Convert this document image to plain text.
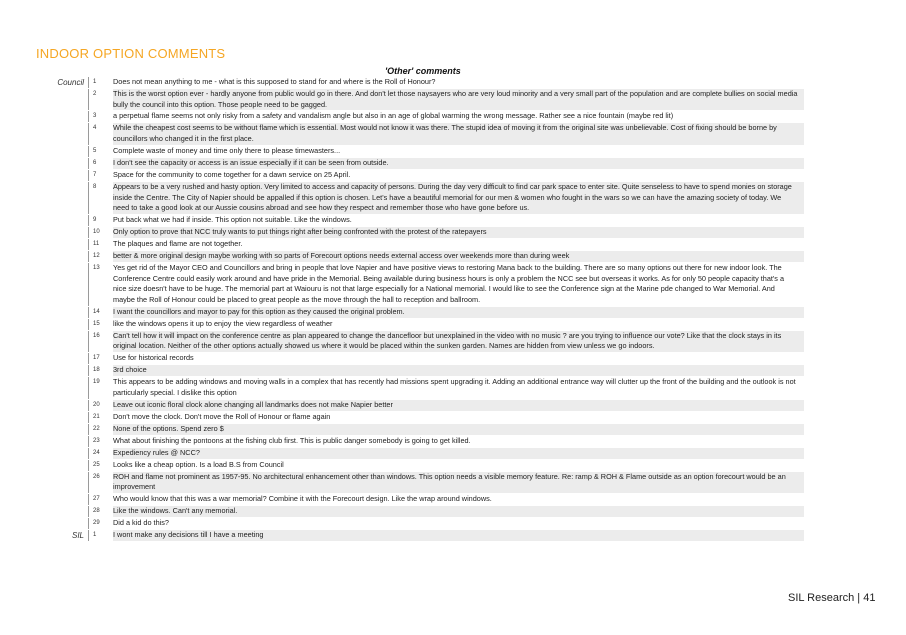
INDOOR OPTION COMMENTS
'Other' comments
Council	1	Does not mean anything to me - what is this supposed to stand for and where is the Roll of Honour?
2	This is the worst option ever - hardly anyone from public would go in there. And don't let those naysayers who are very loud minority and a very small part of the population and are complete bullies on social media bully the council into this option. Those people need to be gagged.
3	a perpetual flame seems not only risky from a safety and vandalism angle but also in an age of global warming the wrong message. Rather see a nice fountain (maybe red lit)
4	While the cheapest cost seems to be without flame which is essential. Most would not know it was there. The stupid idea of moving it from the original site was unbelievable. Cost of fixing should be borne by councillors who changed it in the first place.
5	Complete waste of money and time only there to please timewasters...
6	I don't see the capacity or access is an issue especially if it can be seen from outside.
7	Space for the community to come together for a dawn service on 25 April.
8	Appears to be a very rushed and hasty option. Very limited to access and capacity of persons. During the day very difficult to find car park space to enter site. Quite senseless to have to spend monies on storage inside the Centre. The City of Napier should be appalled if this option is chosen. Let's have a beautiful memorial for our men & women who fought in the wars so we can have the amazing society of today. We need to take a good look at our Aussie cousins abroad and see how they respect and remember those who have gone before us.
9	Put back what we had if inside. This option not suitable. Like the windows.
10	Only option to prove that NCC truly wants to put things right after being confronted with the protest of the ratepayers
11	The plaques and flame are not together.
12	better & more original design maybe working with so parts of Forecourt options needs external access over weekends more than during week
13	Yes get rid of the Mayor CEO and Councillors and bring in people that love Napier and have positive views to restoring Mana back to the building. There are so many options out there for new indoor look. The Conference Centre could easily work around and have pride in the Memorial. Being available during business hours is only a problem the NCC see but overseas it works. As for only 50 people capacity that's a nice size doesn't have to be huge. The memorial part at Waiouru is not that large especially for a National memorial. I would like to see the Conference sign at the Marine pde changed to War Memorial. And maybe the Roll of Honour could be placed to great people as the move through the hall to reception and ballroom.
14	I want the councillors and mayor to pay for this option as they caused the original problem.
15	like the windows opens it up to enjoy the view regardless of weather
16	Can't tell how it will impact on the conference centre as plan appeared to change the dancefloor but unexplained in the video with no music ? are you trying to influence our vote? Like that the clock stays in its original location. Neither of the other options actually showed us where it would be placed within the sunken garden. Names are hidden from view unless we go indoors.
17	Use for historical records
18	3rd choice
19	This appears to be adding windows and moving walls in a complex that has recently had missions spent upgrading it. Adding an additional entrance way will clutter up the front of the building and the outlook is not particularly special. I dislike this option
20	Leave out iconic floral clock alone changing all landmarks does not make Napier better
21	Don't move the clock. Don't move the Roll of Honour or flame again
22	None of the options. Spend zero $
23	What about finishing the pontoons at the fishing club first. This is public danger somebody is going to get killed.
24	Expediency rules @ NCC?
25	Looks like a cheap option. Is a load B.S from Council
26	ROH and flame not prominent as 1957-95. No architectural enhancement other than windows. This option needs a visible memory feature. Re: ramp & ROH & Flame outside as an option forecourt would be an improvement
27	Who would know that this was a war memorial? Combine it with the Forecourt design. Like the wrap around windows.
28	Like the windows. Can't any memorial.
29	Did a kid do this?
SIL	1	I wont make any decisions till I have a meeting
SIL Research | 41
